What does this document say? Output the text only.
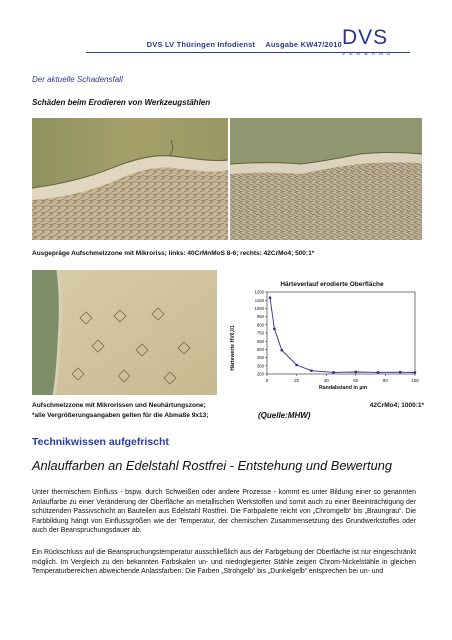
DVS LV Thüringen Infodienst Ausgabe KW47/2010 DVS
VERBAND
Der aktuelle Schadensfall
Schäden beim Erodieren von Werkzeugstählen
Ausgepräge Aufschmelzzone mit Mikroriss; links: 40CrMnMoS 8-6; rechts: 42CrMo4; 500:1*
Härteverlauf erodierte Oberfläche
Härtewerte HV0,01
Randabstand in µm
1250
1150
1050
950
850
750
650
550
450
350
250
0	20	40	60	80	100
Aufschmelzzone mit Mikrorissen und Neuhärtungszone;	42CrMo4; 1000:1*
*alle Vergrößerungsangaben gelten für die Abmaße 9x13;	(Quelle:MHW)
Technikwissen aufgefrischt
Anlauffarben an Edelstahl Rostfrei - Entstehung und Bewertung
Unter thermischem Einfluss - bspw. durch Schweißen oder andere Prozesse - kommt es unter Bildung einer so genannten Anlauffarbe zu einer Veränderung der Oberfläche an metallischen Werkstoffen und somit auch zu einer Beeinträchtigung der schützenden Passivschicht an Bauteilen aus Edelstahl Rostfrei. Die Farbpalette reicht von „Chromgelb“ bis „Braungrau“. Die Farbbildung hängt von Einflussgrößen wie der Temperatur, der chemischen Zusammensetzung des Grundwerkstoffes oder auch der Beanspruchungsdauer ab.
Ein Rückschluss auf die Beanspruchungstemperatur ausschließlich aus der Farbgebung der Oberfläche ist nur eingeschränkt möglich. Im Vergleich zu den bekannten Farbskalen un- und niedriglegierter Stähle zeigen Chrom-Nickelstähle in gleichen Temperaturbereichen abweichende Anlassfarben. Die Farben „Strohgelb“ bis „Dunkelgelb“ entsprechen bei un- und
